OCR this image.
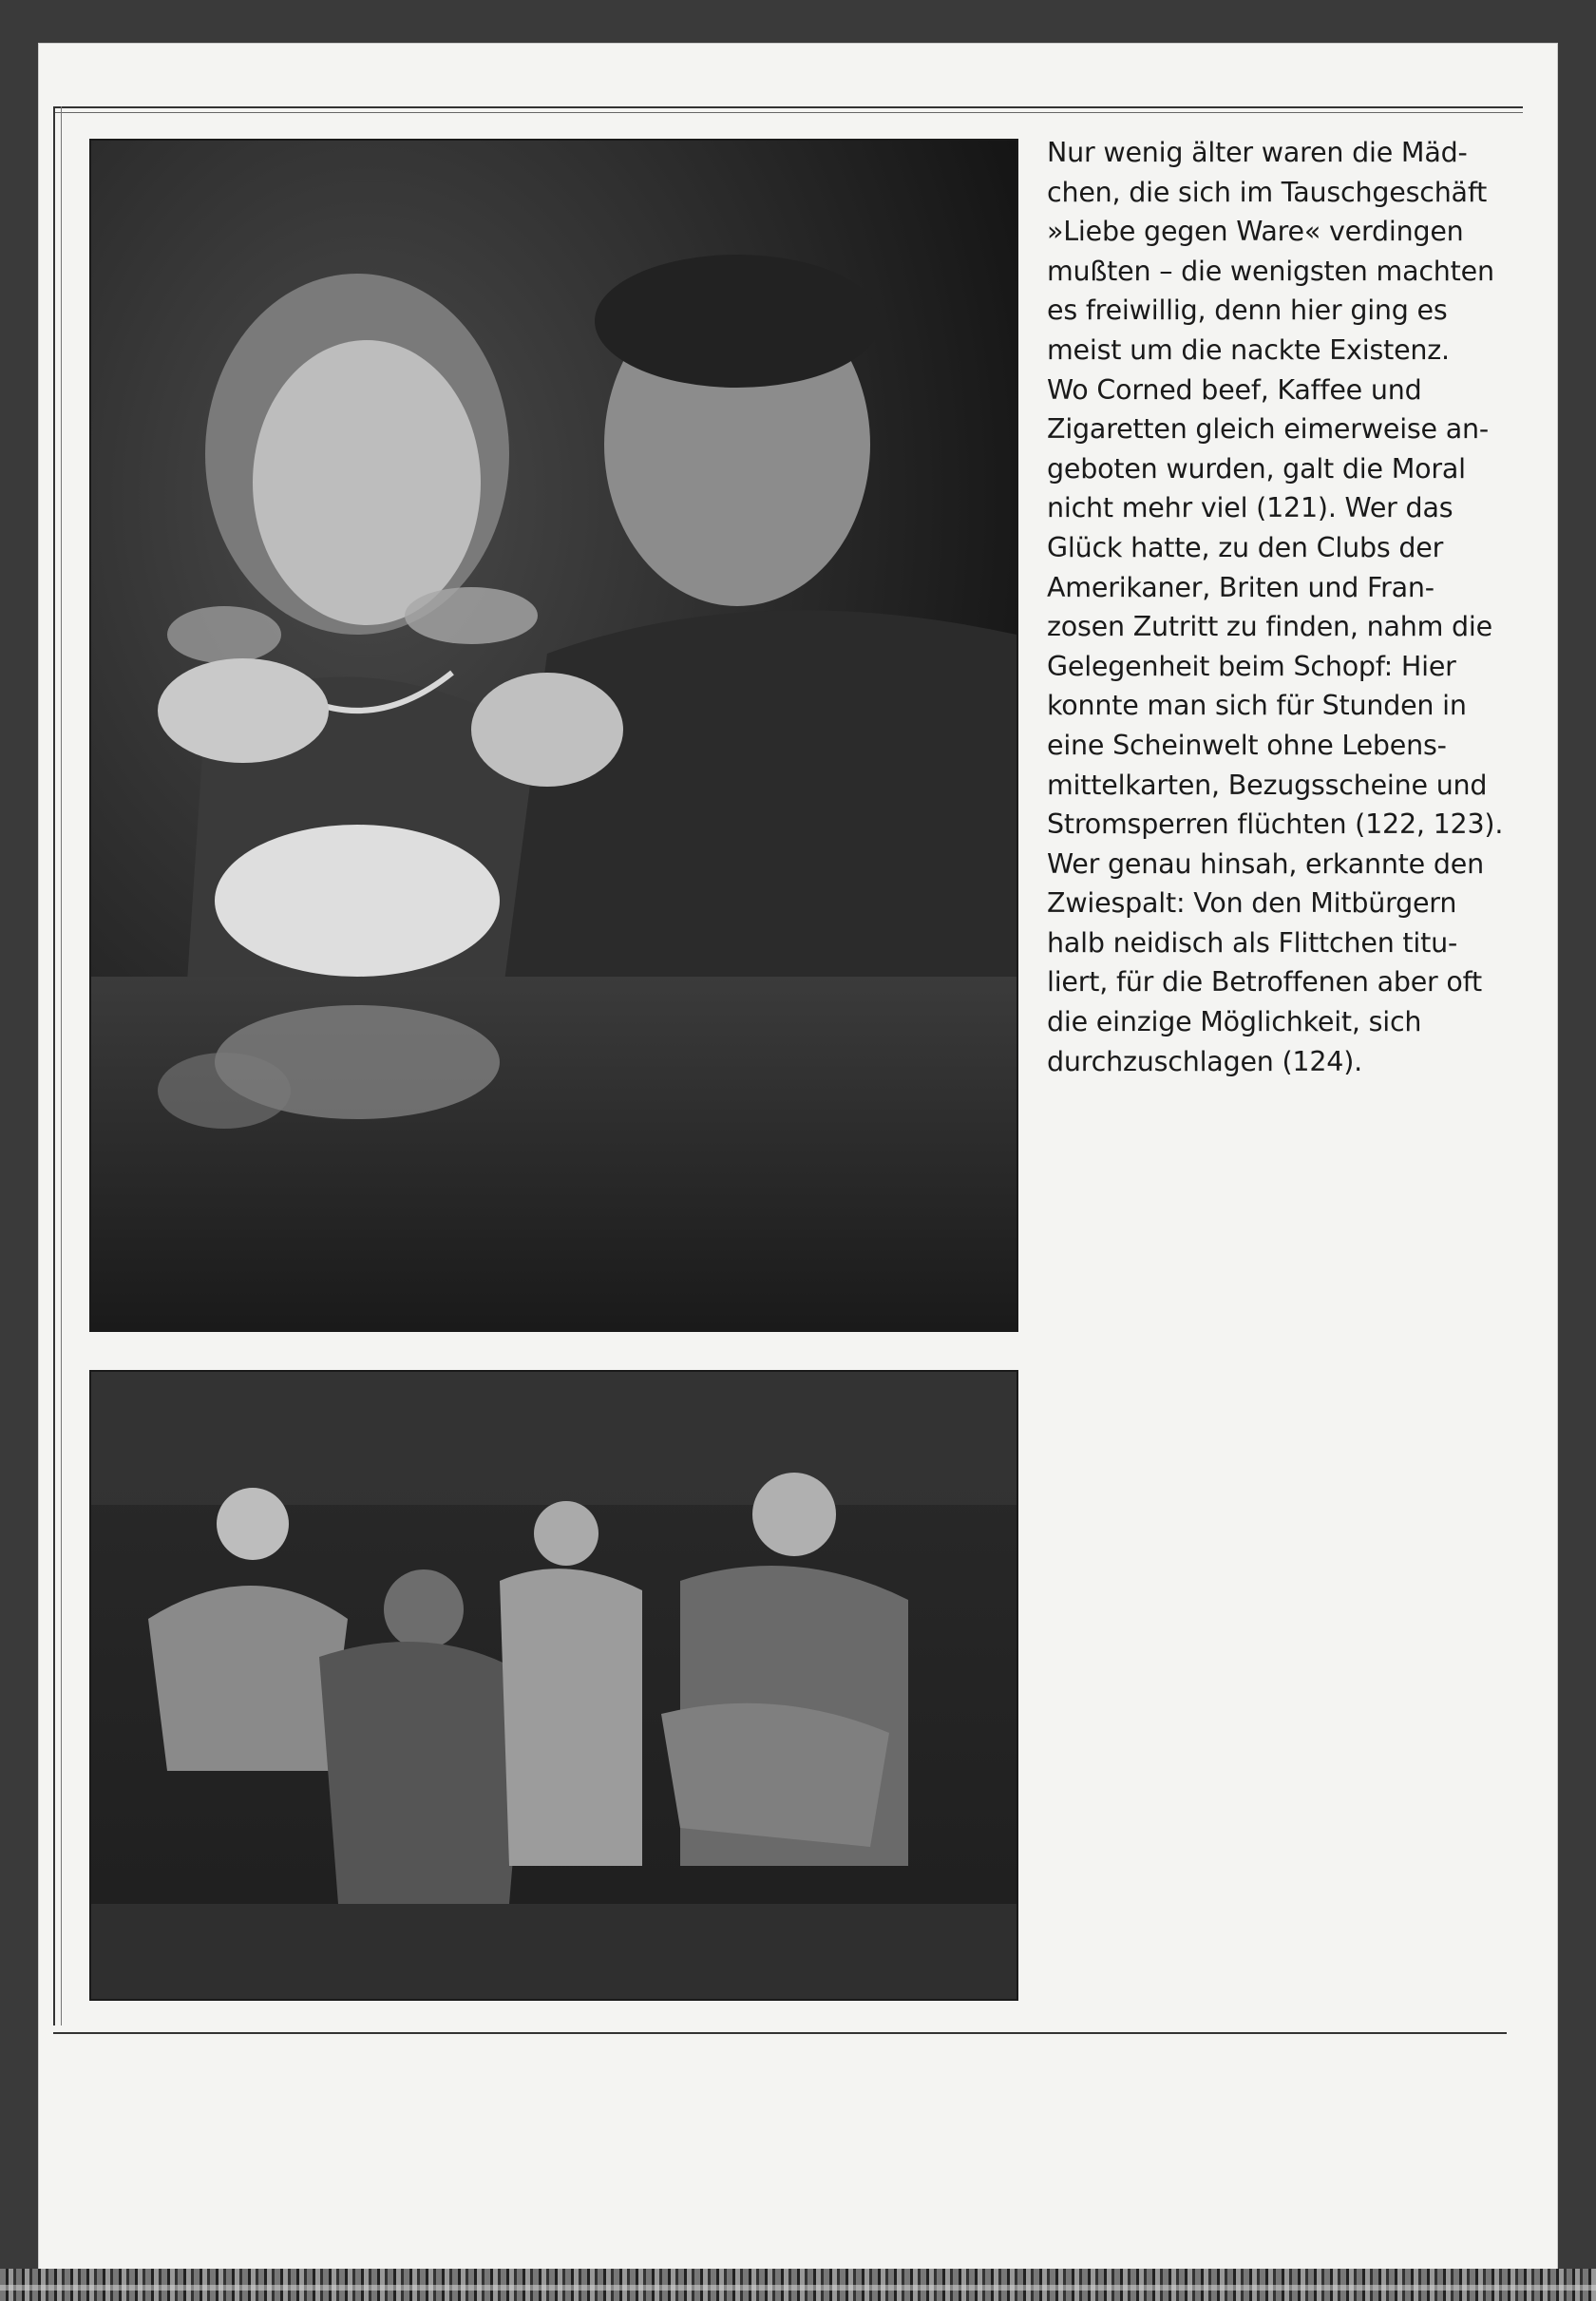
Nur wenig älter waren die Mäd-
chen, die sich im Tauschgeschäft
»Liebe gegen Ware« verdingen
mußten – die wenigsten machten
es freiwillig, denn hier ging es
meist um die nackte Existenz.
Wo Corned beef, Kaffee und
Zigaretten gleich eimerweise an-
geboten wurden, galt die Moral
nicht mehr viel (121). Wer das
Glück hatte, zu den Clubs der
Amerikaner, Briten und Fran-
zosen Zutritt zu finden, nahm die
Gelegenheit beim Schopf: Hier
konnte man sich für Stunden in
eine Scheinwelt ohne Lebens-
mittelkarten, Bezugsscheine und
Stromsperren flüchten (122, 123).
Wer genau hinsah, erkannte den
Zwiespalt: Von den Mitbürgern
halb neidisch als Flittchen titu-
liert, für die Betroffenen aber oft
die einzige Möglichkeit, sich
durchzuschlagen (124).
